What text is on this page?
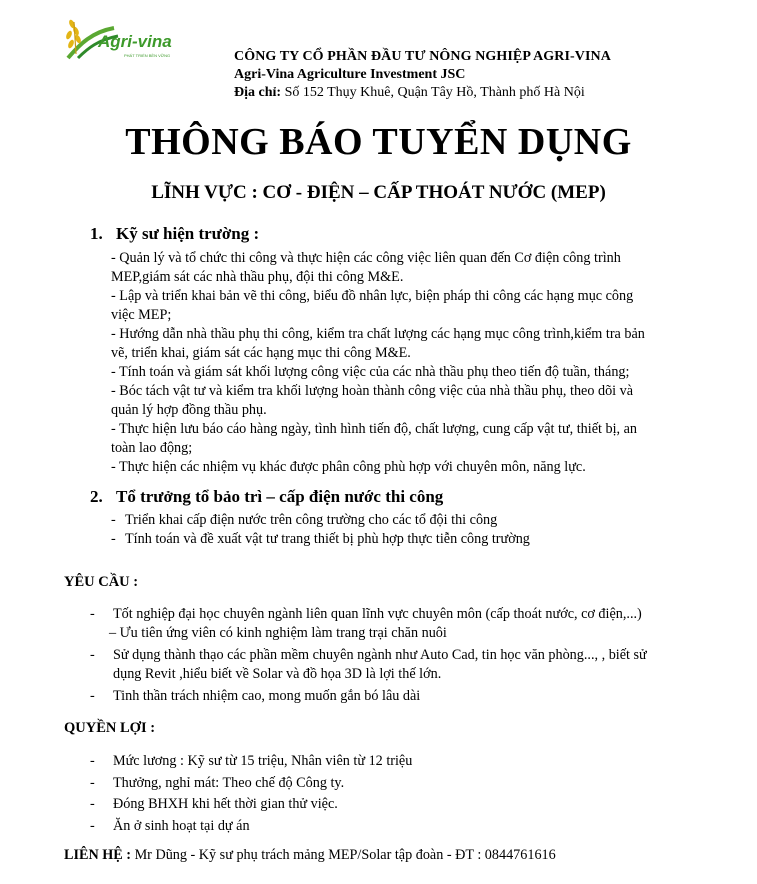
Agri-vina
PHÁT TRIỂN BỀN VỮNG	CÔNG TY CỔ PHẦN ĐẦU TƯ NÔNG NGHIỆP AGRI-VINA
Agri-Vina Agriculture Investment JSC
Địa chỉ: Số 152 Thụy Khuê, Quận Tây Hồ, Thành phố Hà Nội
THÔNG BÁO TUYỂN DỤNG
LĨNH VỰC : CƠ - ĐIỆN – CẤP THOÁT NƯỚC (MEP)
1. Kỹ sư hiện trường :

- Quản lý và tổ chức thi công và thực hiện các công việc liên quan đến Cơ điện công trình

MEP,giám sát các nhà thầu phụ, đội thi công M&E.

- Lập và triển khai bản vẽ thi công, biểu đồ nhân lực, biện pháp thi công các hạng mục công

việc MEP;

- Hướng dẫn nhà thầu phụ thi công, kiểm tra chất lượng các hạng mục công trình,kiểm tra bản

vẽ, triển khai, giám sát các hạng mục thi công M&E.

- Tính toán và giám sát khối lượng công việc của các nhà thầu phụ theo tiến độ tuần, tháng;

- Bóc tách vật tư và kiểm tra khối lượng hoàn thành công việc của nhà thầu phụ, theo dõi và

quản lý hợp đồng thầu phụ.

- Thực hiện lưu báo cáo hàng ngày, tình hình tiến độ, chất lượng, cung cấp vật tư, thiết bị, an

toàn lao động;

- Thực hiện các nhiệm vụ khác được phân công phù hợp với chuyên môn, năng lực.

2. Tổ trưởng tổ bảo trì – cấp điện nước thi công
- Triển khai cấp điện nước trên công trường cho các tổ đội thi công
- Tính toán và đề xuất vật tư trang thiết bị phù hợp thực tiễn công trường
YÊU CẦU :
- Tốt nghiệp đại học chuyên ngành liên quan lĩnh vực chuyên môn (cấp thoát nước, cơ điện,...)

– Ưu tiên ứng viên có kinh nghiệm làm trang trại chăn nuôi

- Sử dụng thành thạo các phần mềm chuyên ngành như Auto Cad, tin học văn phòng..., , biết sử

dụng Revit ,hiểu biết về Solar và đồ họa 3D là lợi thế lớn.

- Tinh thần trách nhiệm cao, mong muốn gắn bó lâu dài

QUYỀN LỢI :
- Mức lương : Kỹ sư từ 15 triệu, Nhân viên từ 12 triệu

- Thưởng, nghỉ mát: Theo chế độ Công ty.

- Đóng BHXH khi hết thời gian thử việc.

- Ăn ở sinh hoạt tại dự án

LIÊN HỆ : Mr Dũng - Kỹ sư phụ trách mảng MEP/Solar tập đoàn - ĐT : 0844761616
